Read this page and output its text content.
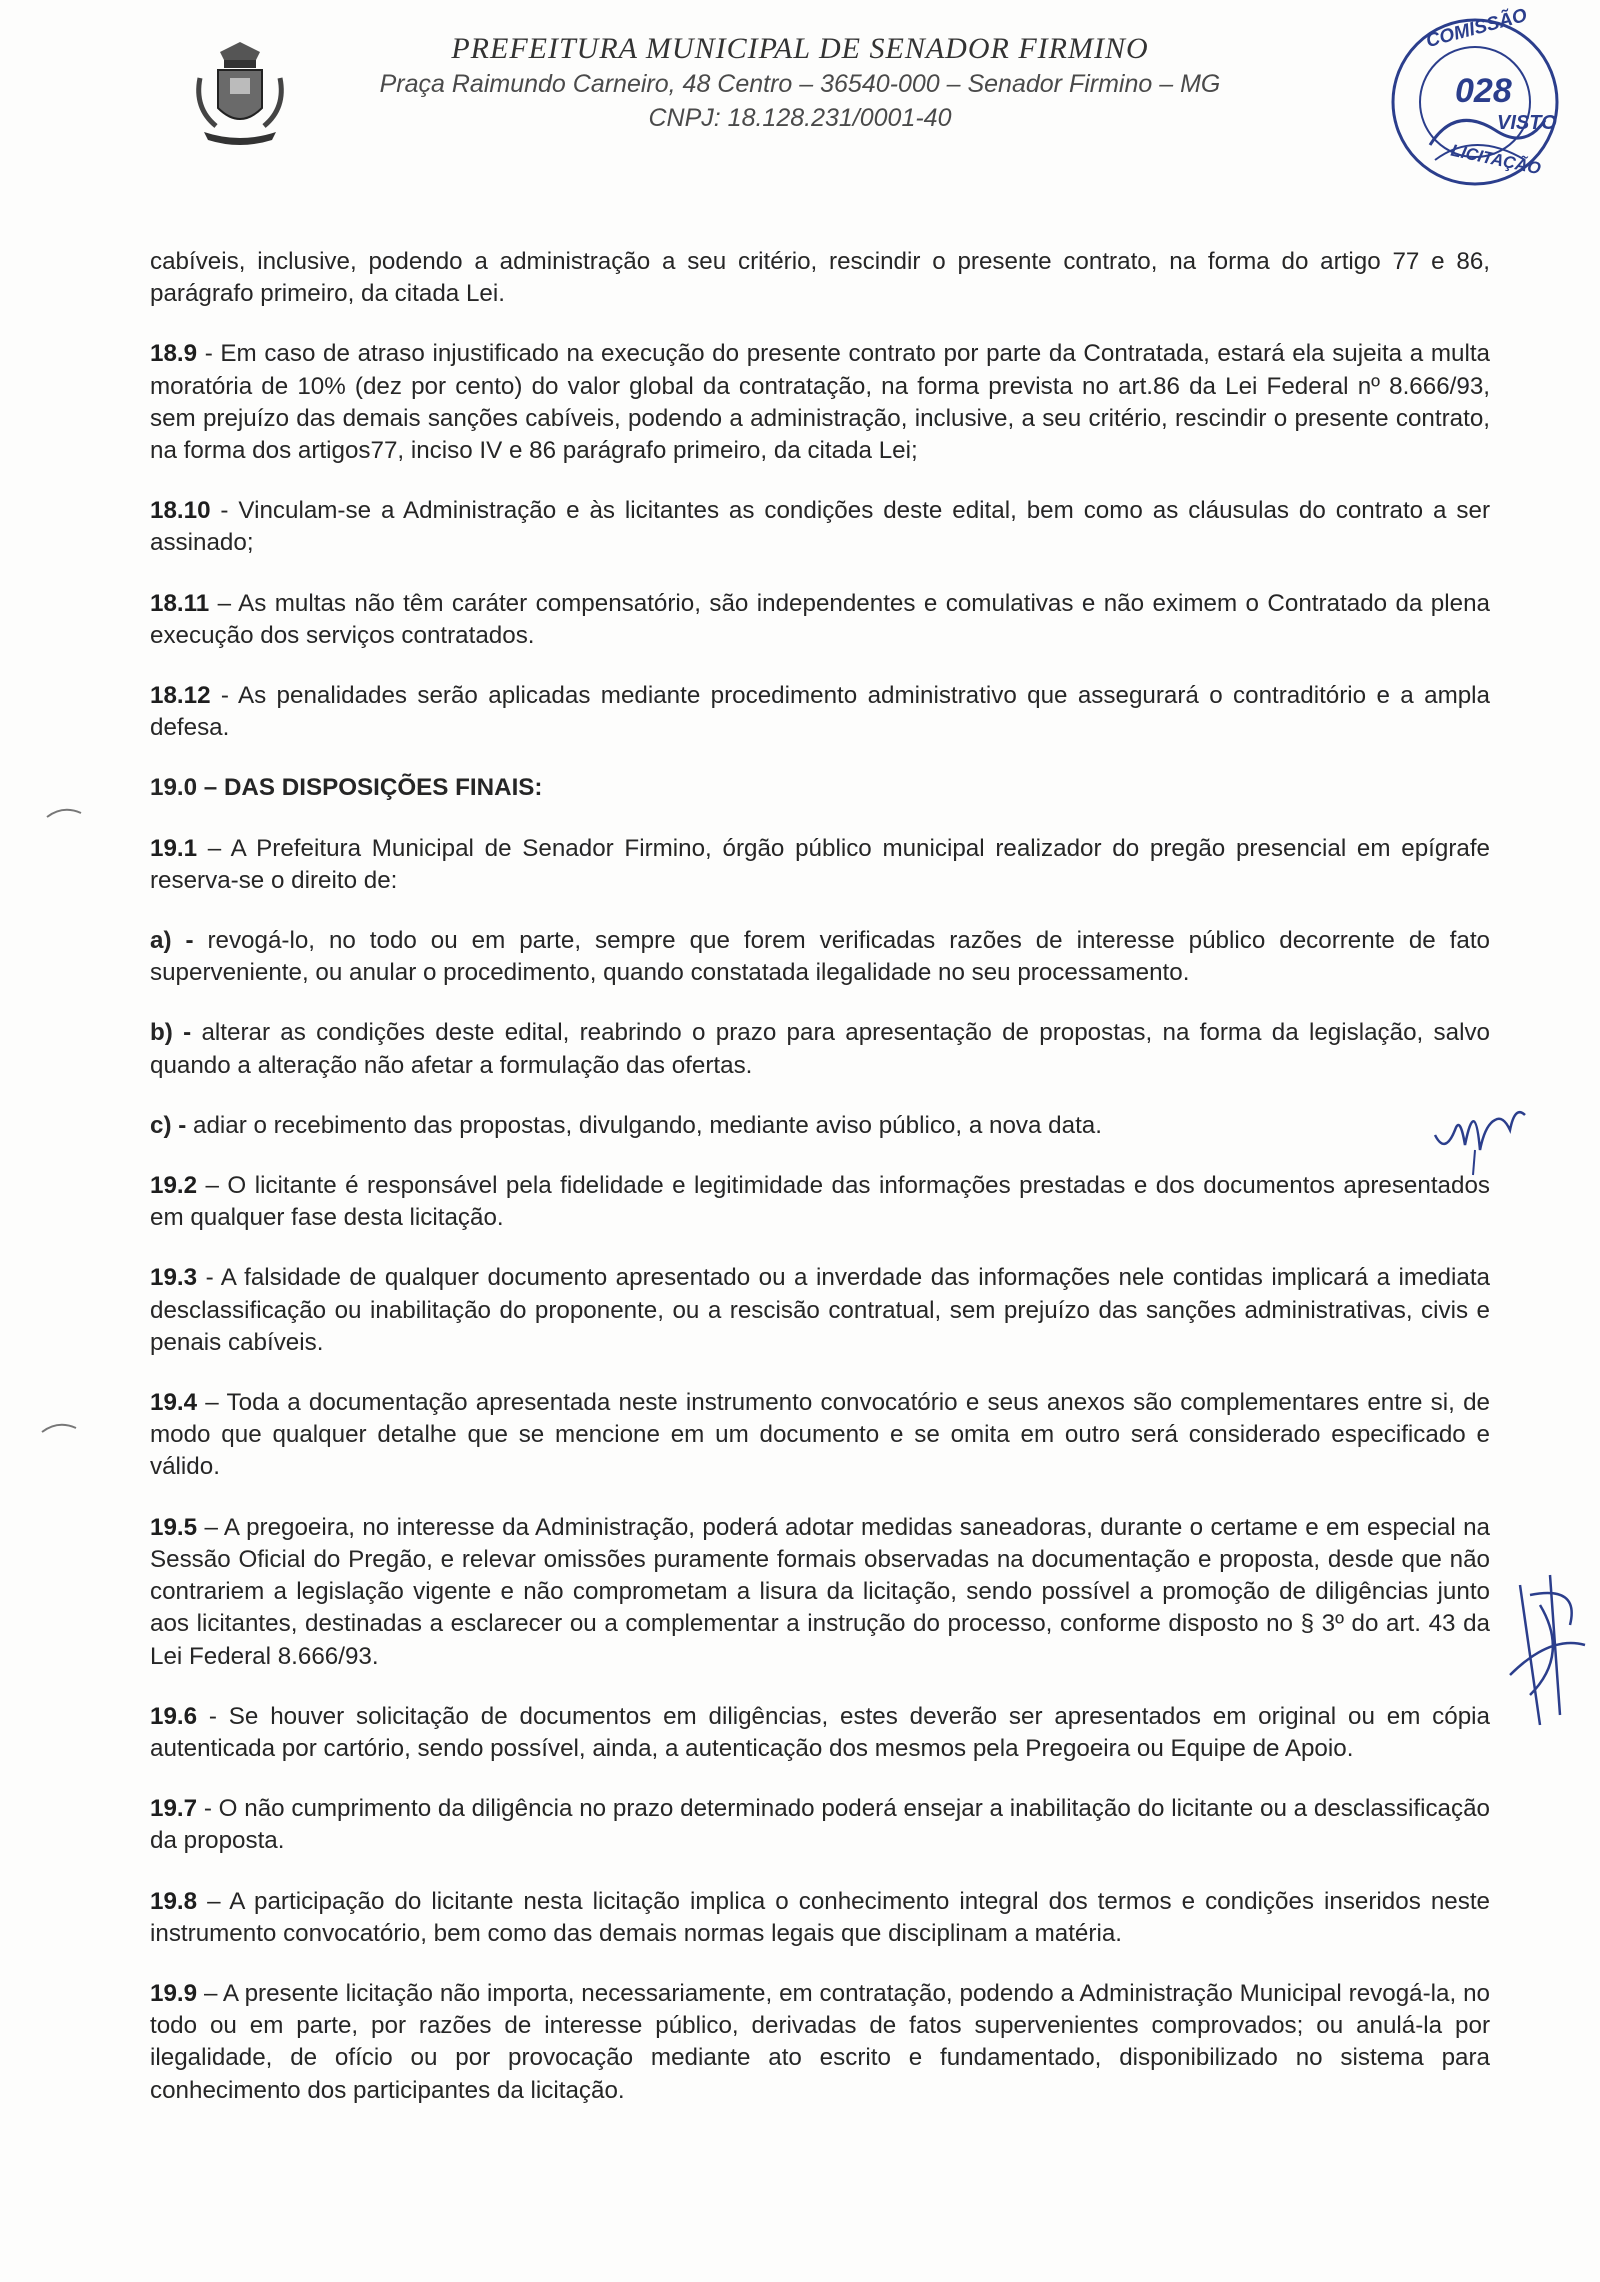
PREFEITURA MUNICIPAL DE SENADOR FIRMINO
Praça Raimundo Carneiro, 48 Centro – 36540-000 – Senador Firmino – MG
CNPJ: 18.128.231/0001-40
COMISSÃO
028
VISTO
LICITAÇÃO

cabíveis, inclusive, podendo a administração a seu critério, rescindir o presente contrato, na forma do artigo 77 e 86, parágrafo primeiro, da citada Lei.

18.9 - Em caso de atraso injustificado na execução do presente contrato por parte da Contratada, estará ela sujeita a multa moratória de 10% (dez por cento) do valor global da contratação, na forma prevista no art.86 da Lei Federal nº 8.666/93, sem prejuízo das demais sanções cabíveis, podendo a administração, inclusive, a seu critério, rescindir o presente contrato, na forma dos artigos77, inciso IV e 86 parágrafo primeiro, da citada Lei;

18.10 - Vinculam-se a Administração e às licitantes as condições deste edital, bem como as cláusulas do contrato a ser assinado;

18.11 – As multas não têm caráter compensatório, são independentes e comulativas e não eximem o Contratado da plena execução dos serviços contratados.

18.12 - As penalidades serão aplicadas mediante procedimento administrativo que assegurará o contraditório e a ampla defesa.

19.0 – DAS DISPOSIÇÕES FINAIS:

19.1 – A Prefeitura Municipal de Senador Firmino, órgão público municipal realizador do pregão presencial em epígrafe reserva-se o direito de:

a) - revogá-lo, no todo ou em parte, sempre que forem verificadas razões de interesse público decorrente de fato superveniente, ou anular o procedimento, quando constatada ilegalidade no seu processamento.

b) - alterar as condições deste edital, reabrindo o prazo para apresentação de propostas, na forma da legislação, salvo quando a alteração não afetar a formulação das ofertas.

c) - adiar o recebimento das propostas, divulgando, mediante aviso público, a nova data.

19.2 – O licitante é responsável pela fidelidade e legitimidade das informações prestadas e dos documentos apresentados em qualquer fase desta licitação.

19.3 - A falsidade de qualquer documento apresentado ou a inverdade das informações nele contidas implicará a imediata desclassificação ou inabilitação do proponente, ou a rescisão contratual, sem prejuízo das sanções administrativas, civis e penais cabíveis.

19.4 – Toda a documentação apresentada neste instrumento convocatório e seus anexos são complementares entre si, de modo que qualquer detalhe que se mencione em um documento e se omita em outro será considerado especificado e válido.

19.5 – A pregoeira, no interesse da Administração, poderá adotar medidas saneadoras, durante o certame e em especial na Sessão Oficial do Pregão, e relevar omissões puramente formais observadas na documentação e proposta, desde que não contrariem a legislação vigente e não comprometam a lisura da licitação, sendo possível a promoção de diligências junto aos licitantes, destinadas a esclarecer ou a complementar a instrução do processo, conforme disposto no § 3º do art. 43 da Lei Federal 8.666/93.

19.6 - Se houver solicitação de documentos em diligências, estes deverão ser apresentados em original ou em cópia autenticada por cartório, sendo possível, ainda, a autenticação dos mesmos pela Pregoeira ou Equipe de Apoio.

19.7 - O não cumprimento da diligência no prazo determinado poderá ensejar a inabilitação do licitante ou a desclassificação da proposta.

19.8 – A participação do licitante nesta licitação implica o conhecimento integral dos termos e condições inseridos neste instrumento convocatório, bem como das demais normas legais que disciplinam a matéria.

19.9 – A presente licitação não importa, necessariamente, em contratação, podendo a Administração Municipal revogá-la, no todo ou em parte, por razões de interesse público, derivadas de fatos supervenientes comprovados; ou anulá-la por ilegalidade, de ofício ou por provocação mediante ato escrito e fundamentado, disponibilizado no sistema para conhecimento dos participantes da licitação.
